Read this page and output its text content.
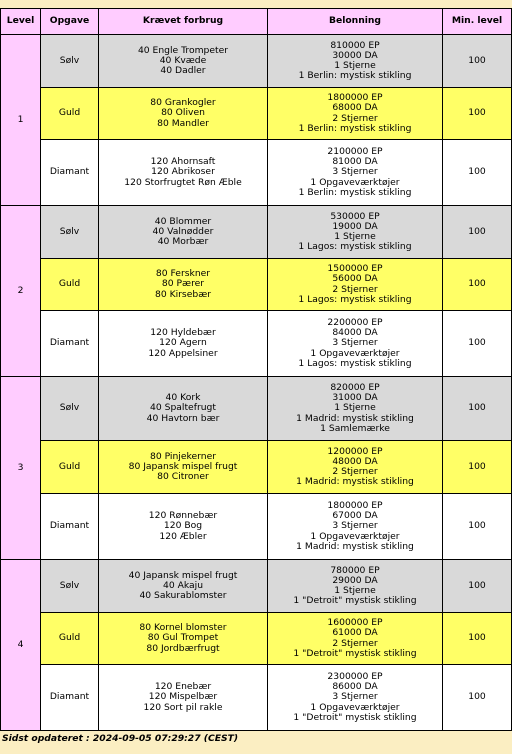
Level	Opgave	Krævet forbrug	Belonning	Min. level
1	Sølv	40 Engle Trompeter
40 Kvæde
40 Dadler	810000 EP
30000 DA
1 Stjerne
1 Berlin: mystisk stikling	100
	Guld	80 Grankogler
80 Oliven
80 Mandler	1800000 EP
68000 DA
2 Stjerner
1 Berlin: mystisk stikling	100
	Diamant	120 Ahornsaft
120 Abrikoser
120 Storfrugtet Røn Æble	2100000 EP
81000 DA
3 Stjerner
1 Opgaveværktøjer
1 Berlin: mystisk stikling	100
2	Sølv	40 Blommer
40 Valnødder
40 Morbær	530000 EP
19000 DA
1 Stjerne
1 Lagos: mystisk stikling	100
	Guld	80 Ferskner
80 Pærer
80 Kirsebær	1500000 EP
56000 DA
2 Stjerner
1 Lagos: mystisk stikling	100
	Diamant	120 Hyldebær
120 Agern
120 Appelsiner	2200000 EP
84000 DA
3 Stjerner
1 Opgaveværktøjer
1 Lagos: mystisk stikling	100
3	Sølv	40 Kork
40 Spaltefrugt
40 Havtorn bær	820000 EP
31000 DA
1 Stjerne
1 Madrid: mystisk stikling
1 Samlemærke	100
	Guld	80 Pinjekerner
80 Japansk mispel frugt
80 Citroner	1200000 EP
48000 DA
2 Stjerner
1 Madrid: mystisk stikling	100
	Diamant	120 Rønnebær
120 Bog
120 Æbler	1800000 EP
67000 DA
3 Stjerner
1 Opgaveværktøjer
1 Madrid: mystisk stikling	100
4	Sølv	40 Japansk mispel frugt
40 Akaju
40 Sakurablomster	780000 EP
29000 DA
1 Stjerne
1 "Detroit" mystisk stikling	100
	Guld	80 Kornel blomster
80 Gul Trompet
80 Jordbærfrugt	1600000 EP
61000 DA
2 Stjerner
1 "Detroit" mystisk stikling	100
	Diamant	120 Enebær
120 Mispelbær
120 Sort pil rakle	2300000 EP
86000 DA
3 Stjerner
1 Opgaveværktøjer
1 "Detroit" mystisk stikling	100
Sidst opdateret : 2024-09-05 07:29:27 (CEST)
